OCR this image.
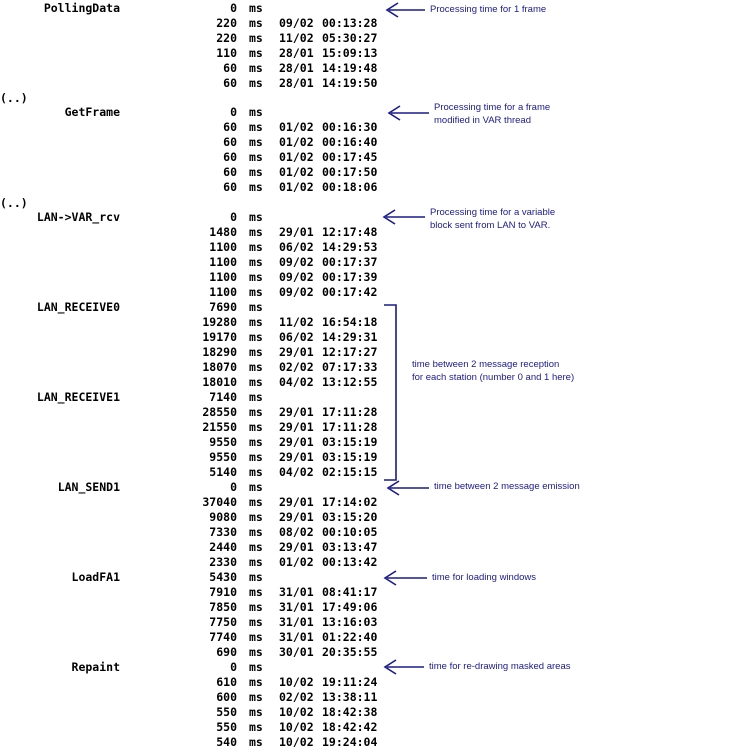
(..)
(..)
PollingData	0 ms
220 ms 09/02 00:13:28
220 ms 11/02 05:30:27
110 ms 28/01 15:09:13
60 ms 28/01 14:19:48
60 ms 28/01 14:19:50
GetFrame	0 ms
60 ms 01/02 00:16:30
60 ms 01/02 00:16:40
60 ms 01/02 00:17:45
60 ms 01/02 00:17:50
60 ms 01/02 00:18:06
LAN->VAR_rcv	0 ms
1480 ms 29/01 12:17:48
1100 ms 06/02 14:29:53
1100 ms 09/02 00:17:37
1100 ms 09/02 00:17:39
1100 ms 09/02 00:17:42
LAN_RECEIVE0	7690 ms
19280 ms 11/02 16:54:18
19170 ms 06/02 14:29:31
18290 ms 29/01 12:17:27
18070 ms 02/02 07:17:33
18010 ms 04/02 13:12:55
LAN_RECEIVE1	7140 ms
28550 ms 29/01 17:11:28
21550 ms 29/01 17:11:28
9550 ms 29/01 03:15:19
9550 ms 29/01 03:15:19
5140 ms 04/02 02:15:15
LAN_SEND1	0 ms
37040 ms 29/01 17:14:02
9080 ms 29/01 03:15:20
7330 ms 08/02 00:10:05
2440 ms 29/01 03:13:47
2330 ms 01/02 00:13:42
LoadFA1	5430 ms
7910 ms 31/01 08:41:17
7850 ms 31/01 17:49:06
7750 ms 31/01 13:16:03
7740 ms 31/01 01:22:40
690 ms 30/01 20:35:55
Repaint	0 ms
610 ms 10/02 19:11:24
600 ms 02/02 13:38:11
550 ms 10/02 18:42:38
550 ms 10/02 18:42:42
540 ms 10/02 19:24:04
Processing time for 1 frame
Processing time for a frame
modified in VAR thread
Processing time for a variable
block sent from LAN to VAR.
time between 2 message reception
for each station (number 0 and 1 here)
time between 2 message emission
time for loading windows
time for re-drawing masked areas
